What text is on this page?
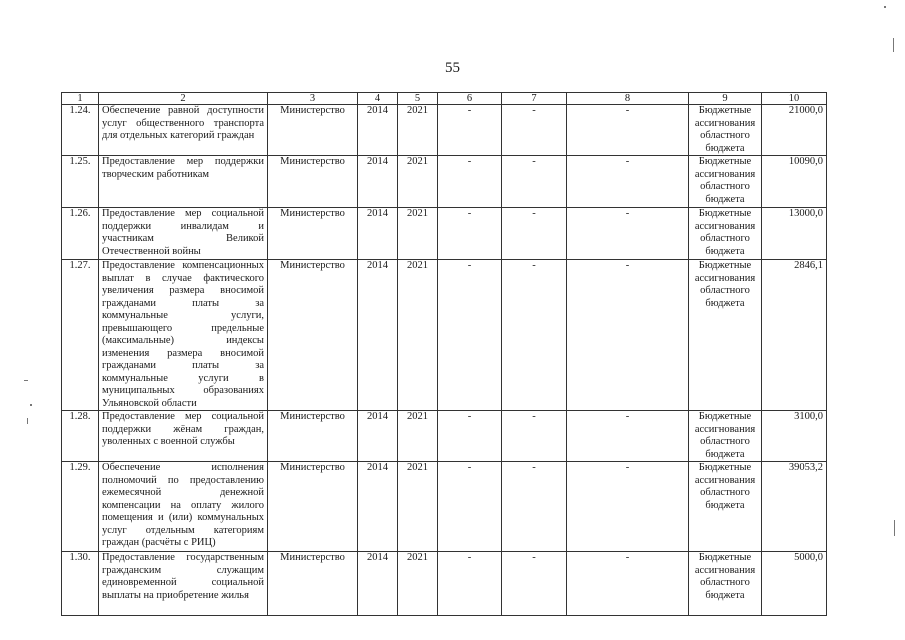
55
1	2	3	4	5	6	7	8	9	10
1.24.	Обеспечение равной доступности услуг общественного транспорта для отдельных категорий граждан	Министерство	2014	2021	-	-	-	Бюджетные ассигнования областного бюджета	21000,0
1.25.	Предоставление мер поддержки творческим работникам	Министерство	2014	2021	-	-	-	Бюджетные ассигнования областного бюджета	10090,0
1.26.	Предоставление мер социальной поддержки инвалидам и участникам Великой Отечественной войны	Министерство	2014	2021	-	-	-	Бюджетные ассигнования областного бюджета	13000,0
1.27.	Предоставление компенсационных выплат в случае фактического увеличения размера вносимой гражданами платы за коммунальные услуги, превышающего предельные (максимальные) индексы изменения размера вносимой гражданами платы за коммунальные услуги в муниципальных образованиях Ульяновской области	Министерство	2014	2021	-	-	-	Бюджетные ассигнования областного бюджета	2846,1
1.28.	Предоставление мер социальной поддержки жёнам граждан, уволенных с военной службы	Министерство	2014	2021	-	-	-	Бюджетные ассигнования областного бюджета	3100,0
1.29.	Обеспечение исполнения полномочий по предоставлению ежемесячной денежной компенсации на оплату жилого помещения и (или) коммунальных услуг отдельным категориям граждан (расчёты с РИЦ)	Министерство	2014	2021	-	-	-	Бюджетные ассигнования областного бюджета	39053,2
1.30.	Предоставление государственным гражданским служащим единовременной социальной выплаты на приобретение жилья	Министерство	2014	2021	-	-	-	Бюджетные ассигнования областного бюджета	5000,0
